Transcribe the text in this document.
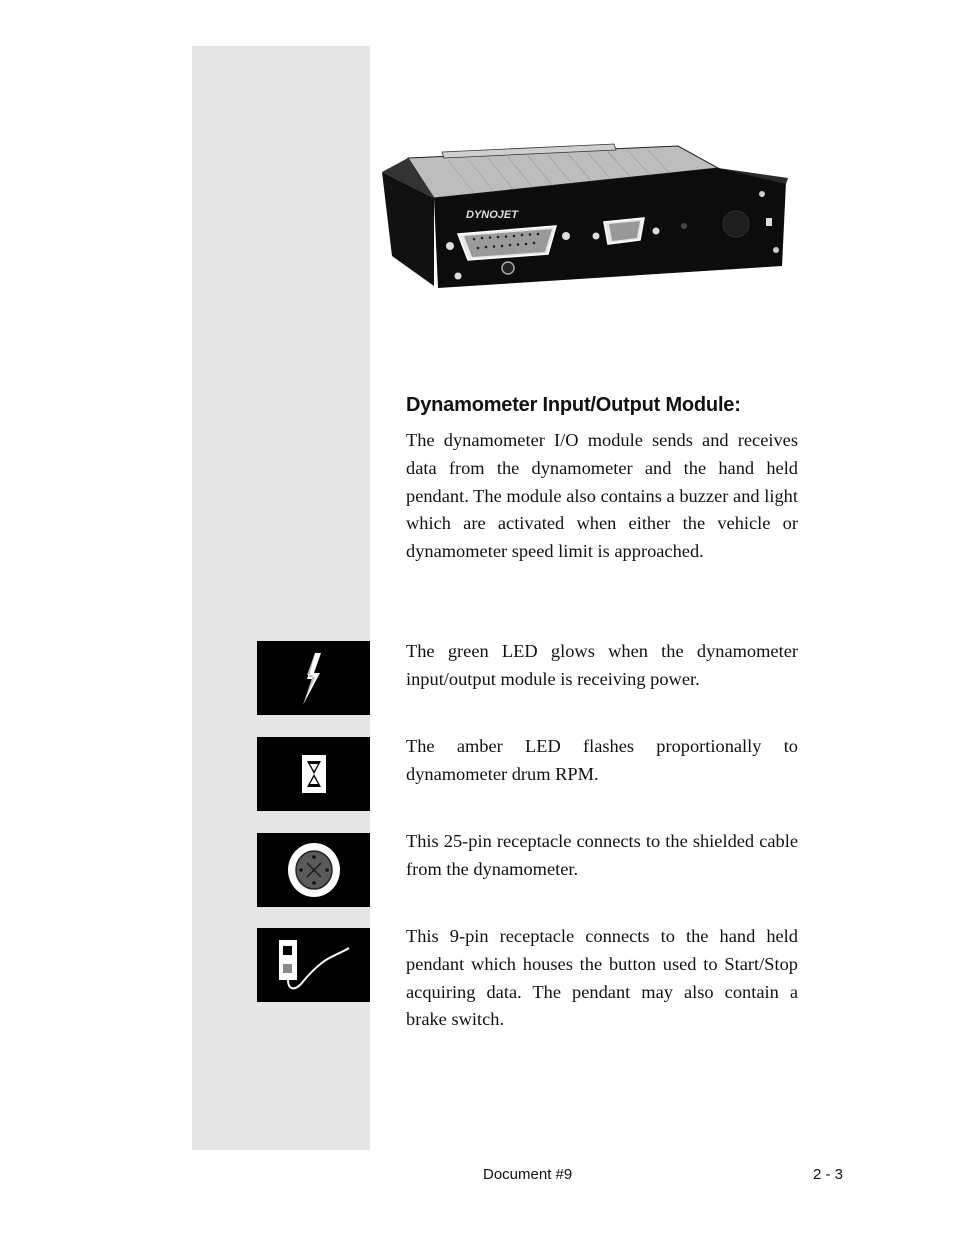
DYNOJET
Dynamometer Input/Output Module:

The dynamometer I/O module sends and receives data from the dynamometer and the hand held pendant. The module also contains a buzzer and light which are activated when either the vehicle or dynamometer speed limit is approached.

The green LED glows when the dynamometer input/output module is receiving power.

The amber LED flashes proportionally to dynamometer drum RPM.

This 25-pin receptacle connects to the shielded cable from the dynamometer.

This 9-pin receptacle connects to the hand held pendant which houses the button used to Start/Stop acquiring data. The pendant may also contain a brake switch.

Document #9	2 - 3
